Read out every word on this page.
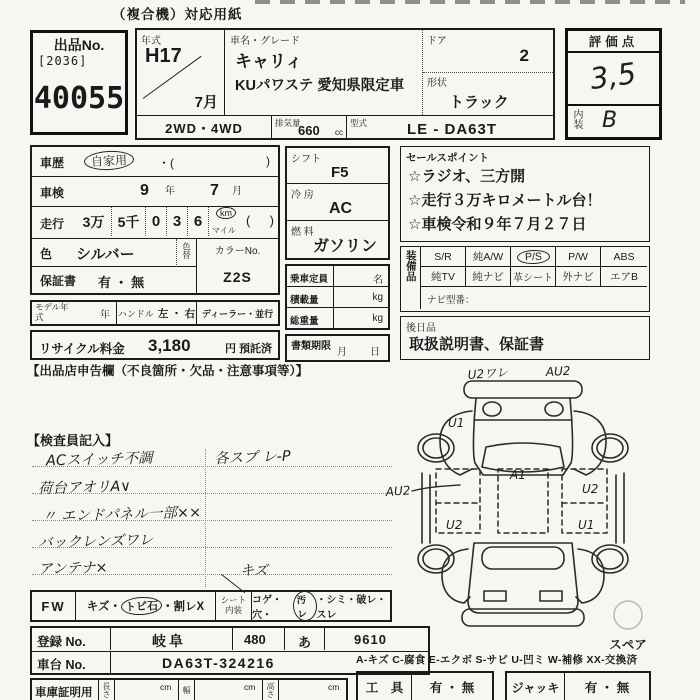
（複合機）対応用紙
出品No.
[2036]
40055
年式
H17
7月
車名・グレード
キャリィ
KUパワステ 愛知県限定車
ドア
2
形状
トラック
2WD・4WD	排気量
660 cc
型式	LE - DA63T
評価点
3,5
内装 B
車歴	自家用	・(	)
車検	9 年 7 月
走行	3万 5千 0 3 6	km
マイル
( )
色 シルバー	色替
保証書 有 ・ 無
カラーNo.
Z2S
モデル年式	年 ハンドル 左 ・ 右 ディーラー・並行
リサイクル料金 3,180	円 預託済
【出品店申告欄（不良箇所・欠品・注意事項等）】
シフト
F5
冷 房
AC
燃 料
ガソリン
乗車定員	名
積載量	kg
総重量	kg
書類期限
月 日
セールスポイント
☆ラジオ、三方開
☆走行３万キロメートル台！
☆車検令和９年７月２７日
装備品	S/R	純A/W	P/S	P/W	ABS
純TV	純ナビ 革シート 外ナビ	エアB
ナビ型番：
後日品
取扱説明書、保証書
【検査員記入】
ACスイッチ不調
荷台アオリA∨
〃 エンドパネル一部××
バックレンズワレ
アンテナ×
各スプ レ-P
キズ
FW	キズ・ トビ石 ・割レX
シート内装
コゲ・穴・
汚レ
・シミ・破レ・スレ
登録 No.	岐阜	480 あ	9610
車台 No.	DA63T-324216
車庫証明用 長さ	cm 幅	cm 高さ	cm
スペア
U2ワレ	AU2
U1
A1
AU2
U2
U2
U1
A-キズ C-腐食 E-エクボ S-サビ U-凹ミ W-補修 XX-交換済
工　具	有 ・ 無	ジャッキ	有 ・ 無
